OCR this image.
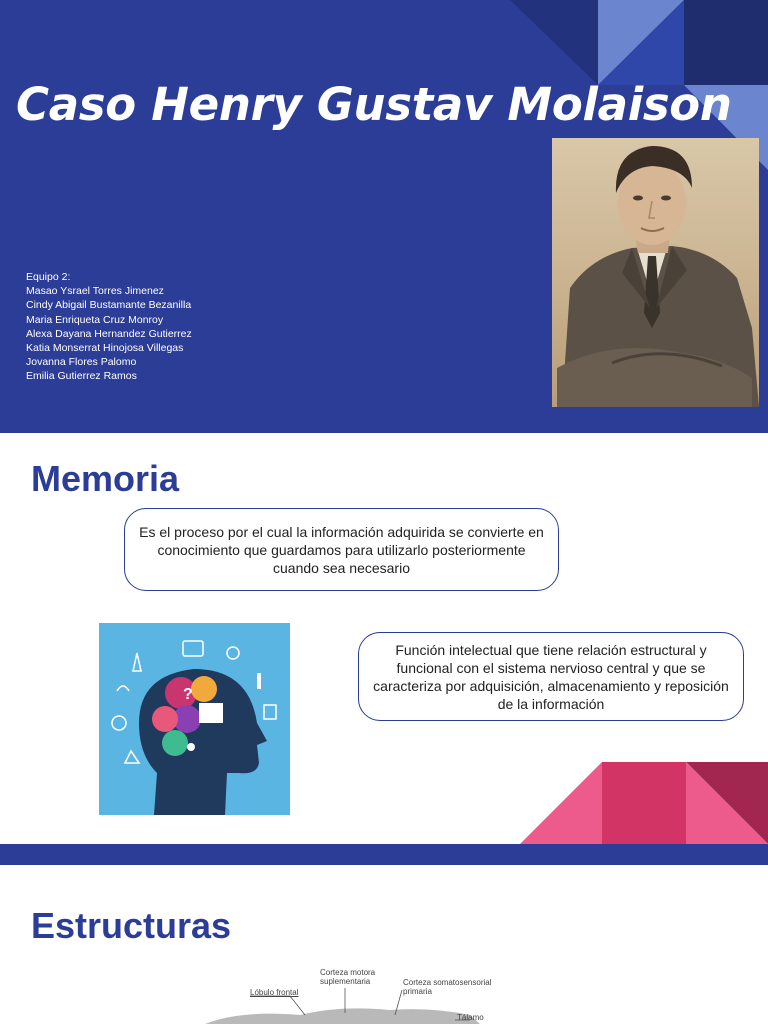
Caso Henry Gustav Molaison
Equipo 2:
Masao Ysrael Torres Jimenez
Cindy Abigail Bustamante Bezanilla
Maria Enriqueta Cruz Monroy
Alexa Dayana Hernandez Gutierrez
Katia Monserrat Hinojosa Villegas
Jovanna Flores Palomo
Emilia Gutierrez Ramos
Memoria
Es el proceso por el cual la información adquirida se convierte en conocimiento que guardamos para utilizarlo posteriormente cuando sea necesario
Función intelectual que tiene relación estructural y funcional con el sistema nervioso central y que se caracteriza por adquisición, almacenamiento y reposición de la información
?
Estructuras
Lóbulo frontal
Corteza motora suplementaria	Corteza somatosensorial primaria
Tálamo
